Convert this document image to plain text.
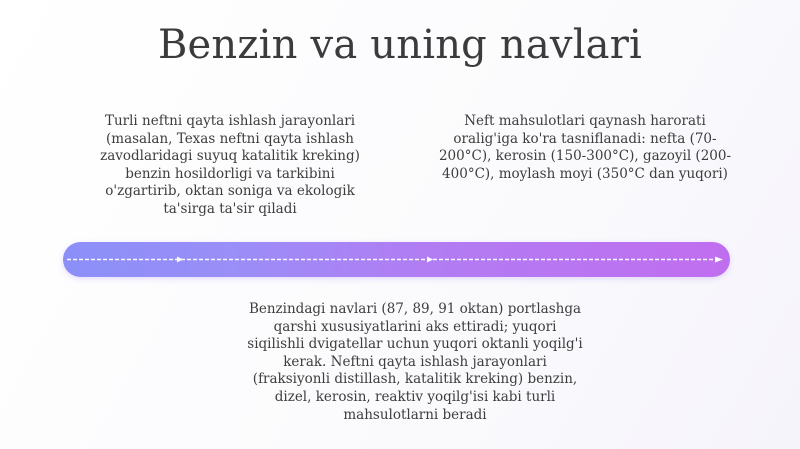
Benzin va uning navlari
Turli neftni qayta ishlash jarayonlari
(masalan, Texas neftni qayta ishlash
zavodlaridagi suyuq katalitik kreking)
benzin hosildorligi va tarkibini
o'zgartirib, oktan soniga va ekologik
ta'sirga ta'sir qiladi
Neft mahsulotlari qaynash harorati
oralig'iga ko'ra tasniflanadi: nefta (70-
200°C), kerosin (150-300°C), gazoyil (200-
400°C), moylash moyi (350°C dan yuqori)
Benzindagi navlari (87, 89, 91 oktan) portlashga
qarshi xususiyatlarini aks ettiradi; yuqori
siqilishli dvigatellar uchun yuqori oktanli yoqilg'i
kerak. Neftni qayta ishlash jarayonlari
(fraksiyonli distillash, katalitik kreking) benzin,
dizel, kerosin, reaktiv yoqilg'isi kabi turli
mahsulotlarni beradi
